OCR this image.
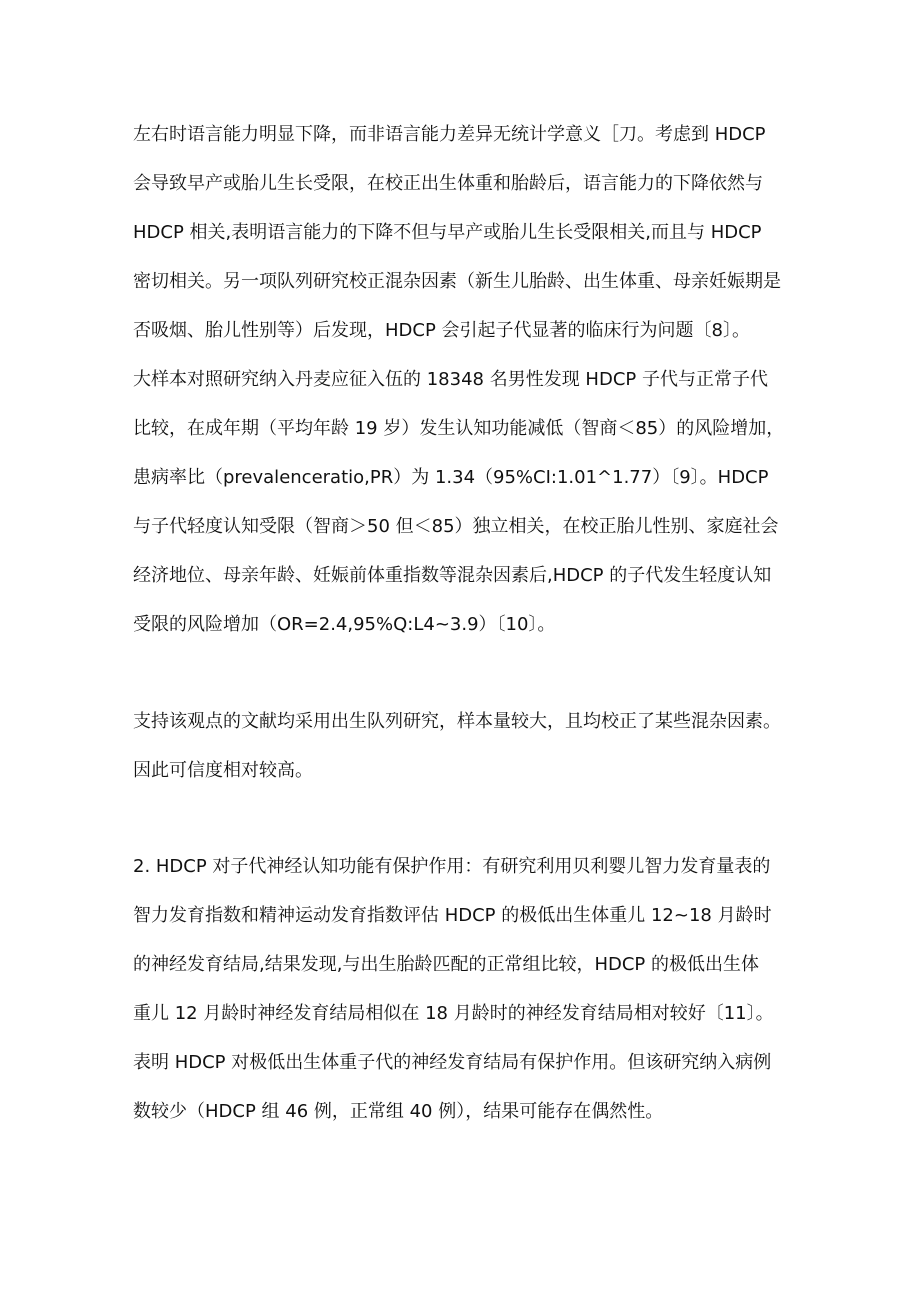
左右时语言能力明显下降，而非语言能力差异无统计学意义［刀。考虑到 HDCP
会导致早产或胎儿生长受限，在校正出生体重和胎龄后，语言能力的下降依然与
HDCP 相关,表明语言能力的下降不但与早产或胎儿生长受限相关,而且与 HDCP
密切相关。另一项队列研究校正混杂因素（新生儿胎龄、出生体重、母亲妊娠期是
否吸烟、胎儿性别等）后发现，HDCP 会引起子代显著的临床行为问题〔8〕。
大样本对照研究纳入丹麦应征入伍的 18348 名男性发现 HDCP 子代与正常子代
比较，在成年期（平均年龄 19 岁）发生认知功能减低（智商＜85）的风险增加，
患病率比（prevalenceratio,PR）为 1.34（95%CI:1.01^1.77）〔9〕。HDCP
与子代轻度认知受限（智商＞50 但＜85）独立相关，在校正胎儿性别、家庭社会
经济地位、母亲年龄、妊娠前体重指数等混杂因素后,HDCP 的子代发生轻度认知
受限的风险增加（OR=2.4,95%Q:L4~3.9）〔10〕。
支持该观点的文献均采用出生队列研究，样本量较大，且均校正了某些混杂因素。
因此可信度相对较高。
2. HDCP 对子代神经认知功能有保护作用：有研究利用贝利婴儿智力发育量表的
智力发育指数和精神运动发育指数评估 HDCP 的极低出生体重儿 12~18 月龄时
的神经发育结局,结果发现,与出生胎龄匹配的正常组比较，HDCP 的极低出生体
重儿 12 月龄时神经发育结局相似在 18 月龄时的神经发育结局相对较好〔11〕。
表明 HDCP 对极低出生体重子代的神经发育结局有保护作用。但该研究纳入病例
数较少（HDCP 组 46 例，正常组 40 例），结果可能存在偶然性。
